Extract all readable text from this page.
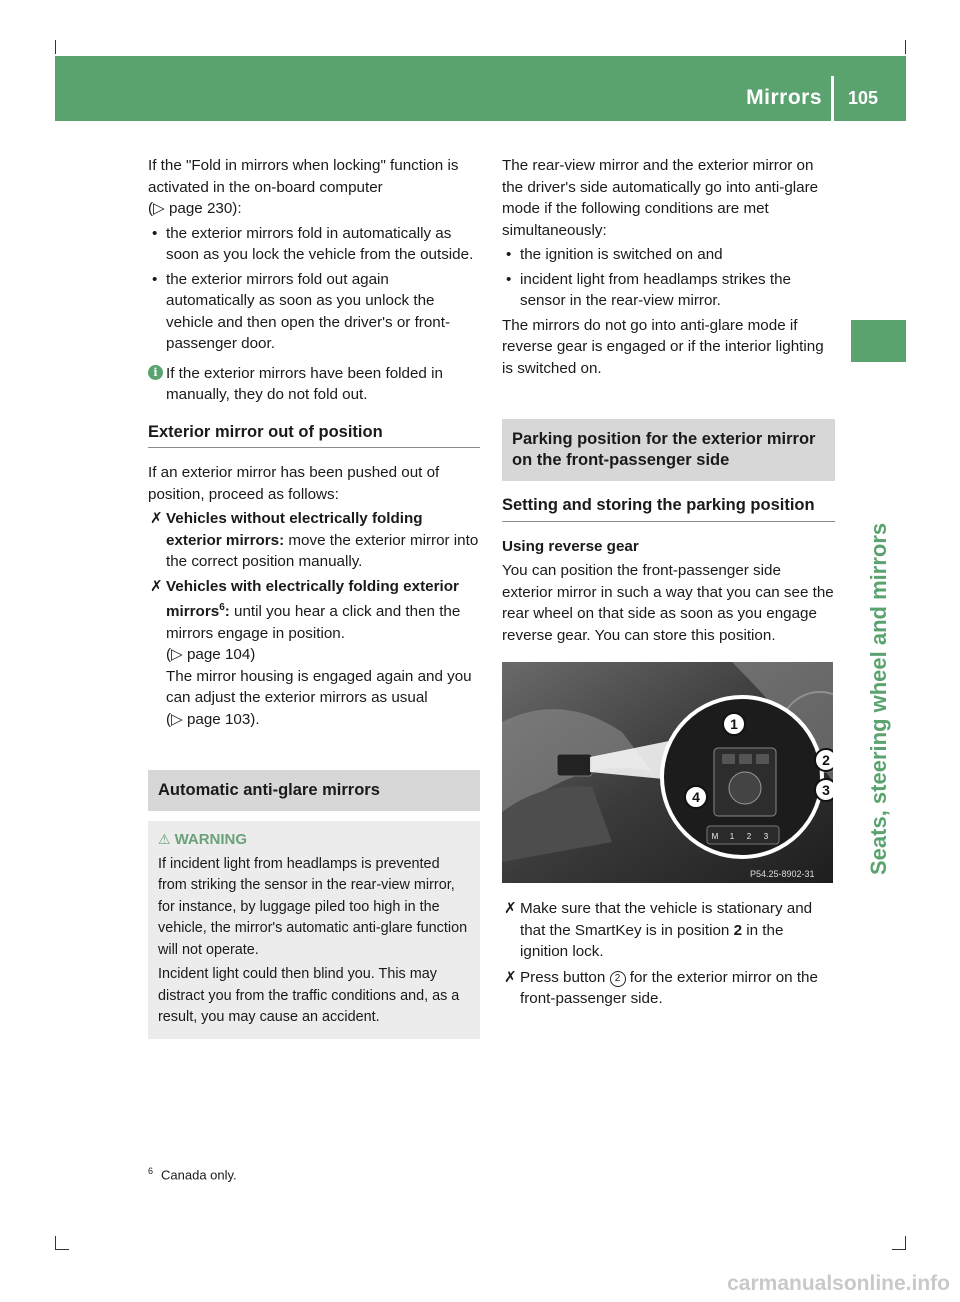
Mirrors 105
Seats, steering wheel and mirrors

If the "Fold in mirrors when locking" function is activated in the on-board computer
(▷ page 230):

• the exterior mirrors fold in automatically as soon as you lock the vehicle from the outside.
• the exterior mirrors fold out again automatically as soon as you unlock the vehicle and then open the driver's or front-passenger door.
i If the exterior mirrors have been folded in manually, they do not fold out.
Exterior mirror out of position

If an exterior mirror has been pushed out of position, proceed as follows:

✗ Vehicles without electrically folding exterior mirrors: move the exterior mirror into the correct position manually.
✗ Vehicles with electrically folding exterior mirrors$^6$: until you hear a click and then the mirrors engage in position.
(▷ page 104)
The mirror housing is engaged again and you can adjust the exterior mirrors as usual
(▷ page 103).
Automatic anti-glare mirrors
⚠ WARNING

If incident light from headlamps is prevented from striking the sensor in the rear-view mirror, for instance, by luggage piled too high in the vehicle, the mirror's automatic anti-glare function will not operate.

Incident light could then blind you. This may distract you from the traffic conditions and, as a result, you may cause an accident.

The rear-view mirror and the exterior mirror on the driver's side automatically go into anti-glare mode if the following conditions are met simultaneously:

• the ignition is switched on and
• incident light from headlamps strikes the sensor in the rear-view mirror.

The mirrors do not go into anti-glare mode if reverse gear is engaged or if the interior lighting is switched on.

Parking position for the exterior mirror on the front-passenger side
Setting and storing the parking position
Using reverse gear

You can position the front-passenger side exterior mirror in such a way that you can see the rear wheel on that side as soon as you engage reverse gear. You can store this position.

M 1 2 3
1
2
3
4
P54.25-8902-31
✗ Make sure that the vehicle is stationary and that the SmartKey is in position 2 in the ignition lock.
✗ Press button 2 for the exterior mirror on the front-passenger side.
$^6$ Canada only.
carmanualsonline.info
